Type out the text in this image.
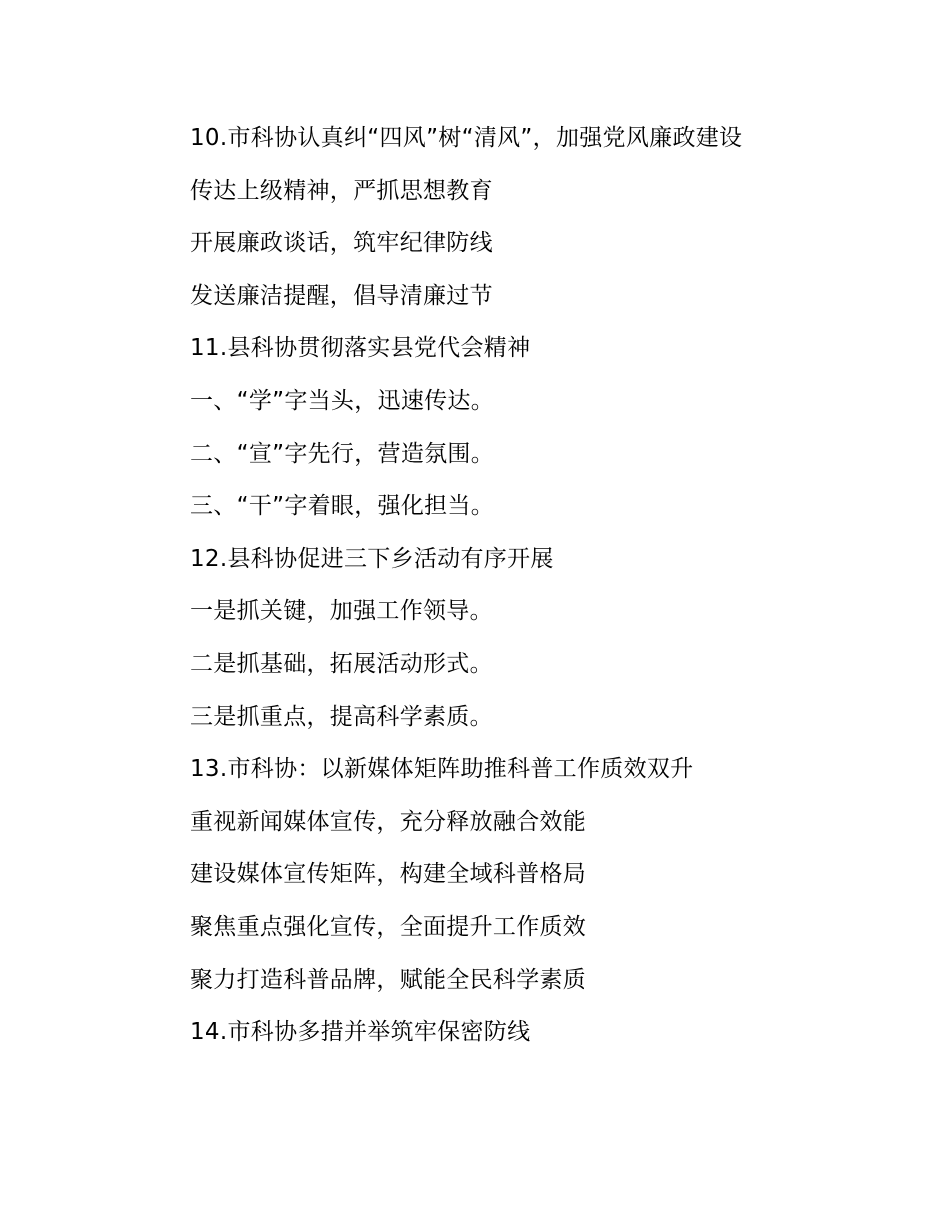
10.市科协认真纠“四风”树“清风”，加强党风廉政建设
传达上级精神，严抓思想教育
开展廉政谈话，筑牢纪律防线
发送廉洁提醒，倡导清廉过节
11.县科协贯彻落实县党代会精神
一、“学”字当头，迅速传达。
二、“宣”字先行，营造氛围。
三、“干”字着眼，强化担当。
12.县科协促进三下乡活动有序开展
一是抓关键，加强工作领导。
二是抓基础，拓展活动形式。
三是抓重点，提高科学素质。
13.市科协：以新媒体矩阵助推科普工作质效双升
重视新闻媒体宣传，充分释放融合效能
建设媒体宣传矩阵，构建全域科普格局
聚焦重点强化宣传，全面提升工作质效
聚力打造科普品牌，赋能全民科学素质
14.市科协多措并举筑牢保密防线
